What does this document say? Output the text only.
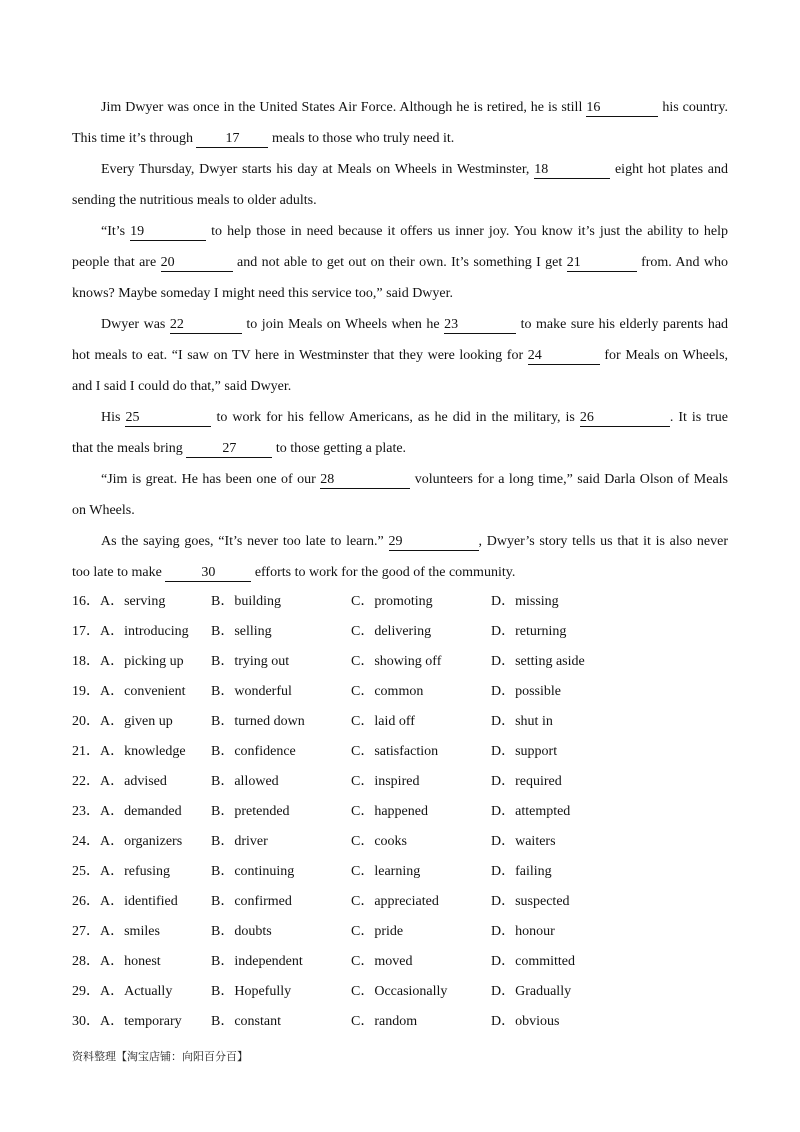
Jim Dwyer was once in the United States Air Force. Although he is retired, he is still 16	his country.
This time it’s through 17 meals to those who truly need it.
Every Thursday, Dwyer starts his day at Meals on Wheels in Westminster, 18	eight hot plates and
sending the nutritious meals to older adults.
“It’s 19	to help those in need because it offers us inner joy. You know it’s just the ability to help
people that are 20	and not able to get out on their own. It’s something I get 21	from. And who
knows? Maybe someday I might need this service too,” said Dwyer.
Dwyer was 22	to join Meals on Wheels when he 23	to make sure his elderly parents had
hot meals to eat. “I saw on TV here in Westminster that they were looking for 24	for Meals on Wheels,
and I said I could do that,” said Dwyer.
His 25	to work for his fellow Americans, as he did in the military, is 26	. It is true
that the meals bring	27	to those getting a plate.
“Jim is great. He has been one of our 28	volunteers for a long time,” said Darla Olson of Meals
on Wheels.
As the saying goes, “It’s never too late to learn.” 29	, Dwyer’s story tells us that it is also never
too late to make	30	efforts to work for the good of the community.
16． A．serving	B．building	C．promoting	D．missing
17． A．introducing B．selling	C．delivering	D．returning
18． A．picking up B．trying out	C．showing off	D．setting aside
19． A．convenient B．wonderful	C．common	D．possible
20． A．given up	B．turned down	C．laid off	D．shut in
21． A．knowledge B．confidence	C．satisfaction	D．support
22． A．advised	B．allowed	C．inspired	D．required
23． A．demanded B．pretended	C．happened	D．attempted
24． A．organizers B．driver	C．cooks	D．waiters
25． A．refusing	B．continuing	C．learning	D．failing
26． A．identified B．confirmed	C．appreciated	D．suspected
27． A．smiles	B．doubts	C．pride	D．honour
28． A．honest	B．independent	C．moved	D．committed
29． A．Actually	B．Hopefully	C．Occasionally	D．Gradually
30． A．temporary B．constant	C．random	D．obvious
资料整理【淘宝店铺：向阳百分百】
